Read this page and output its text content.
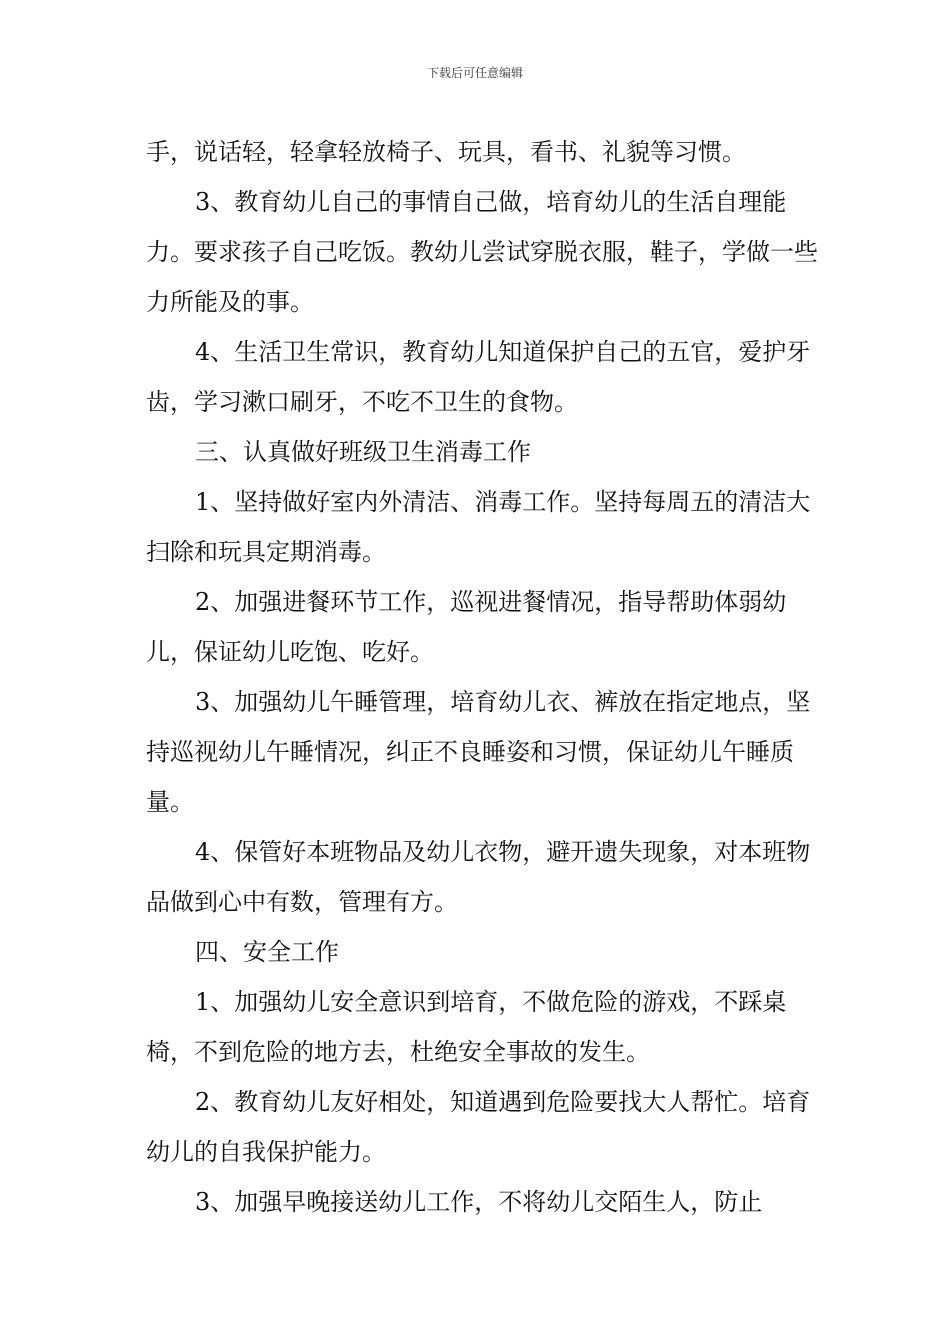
下载后可任意编辑

手，说话轻，轻拿轻放椅子、玩具，看书、礼貌等习惯。

3、教育幼儿自己的事情自己做，培育幼儿的生活自理能力。要求孩子自己吃饭。教幼儿尝试穿脱衣服，鞋子，学做一些力所能及的事。

4、生活卫生常识，教育幼儿知道保护自己的五官，爱护牙齿，学习漱口刷牙，不吃不卫生的食物。

三、认真做好班级卫生消毒工作

1、坚持做好室内外清洁、消毒工作。坚持每周五的清洁大扫除和玩具定期消毒。

2、加强进餐环节工作，巡视进餐情况，指导帮助体弱幼儿，保证幼儿吃饱、吃好。

3、加强幼儿午睡管理，培育幼儿衣、裤放在指定地点，坚持巡视幼儿午睡情况，纠正不良睡姿和习惯，保证幼儿午睡质量。

4、保管好本班物品及幼儿衣物，避开遗失现象，对本班物品做到心中有数，管理有方。

四、安全工作

1、加强幼儿安全意识到培育，不做危险的游戏，不踩桌椅，不到危险的地方去，杜绝安全事故的发生。

2、教育幼儿友好相处，知道遇到危险要找大人帮忙。培育幼儿的自我保护能力。

3、加强早晚接送幼儿工作，不将幼儿交陌生人，防止
